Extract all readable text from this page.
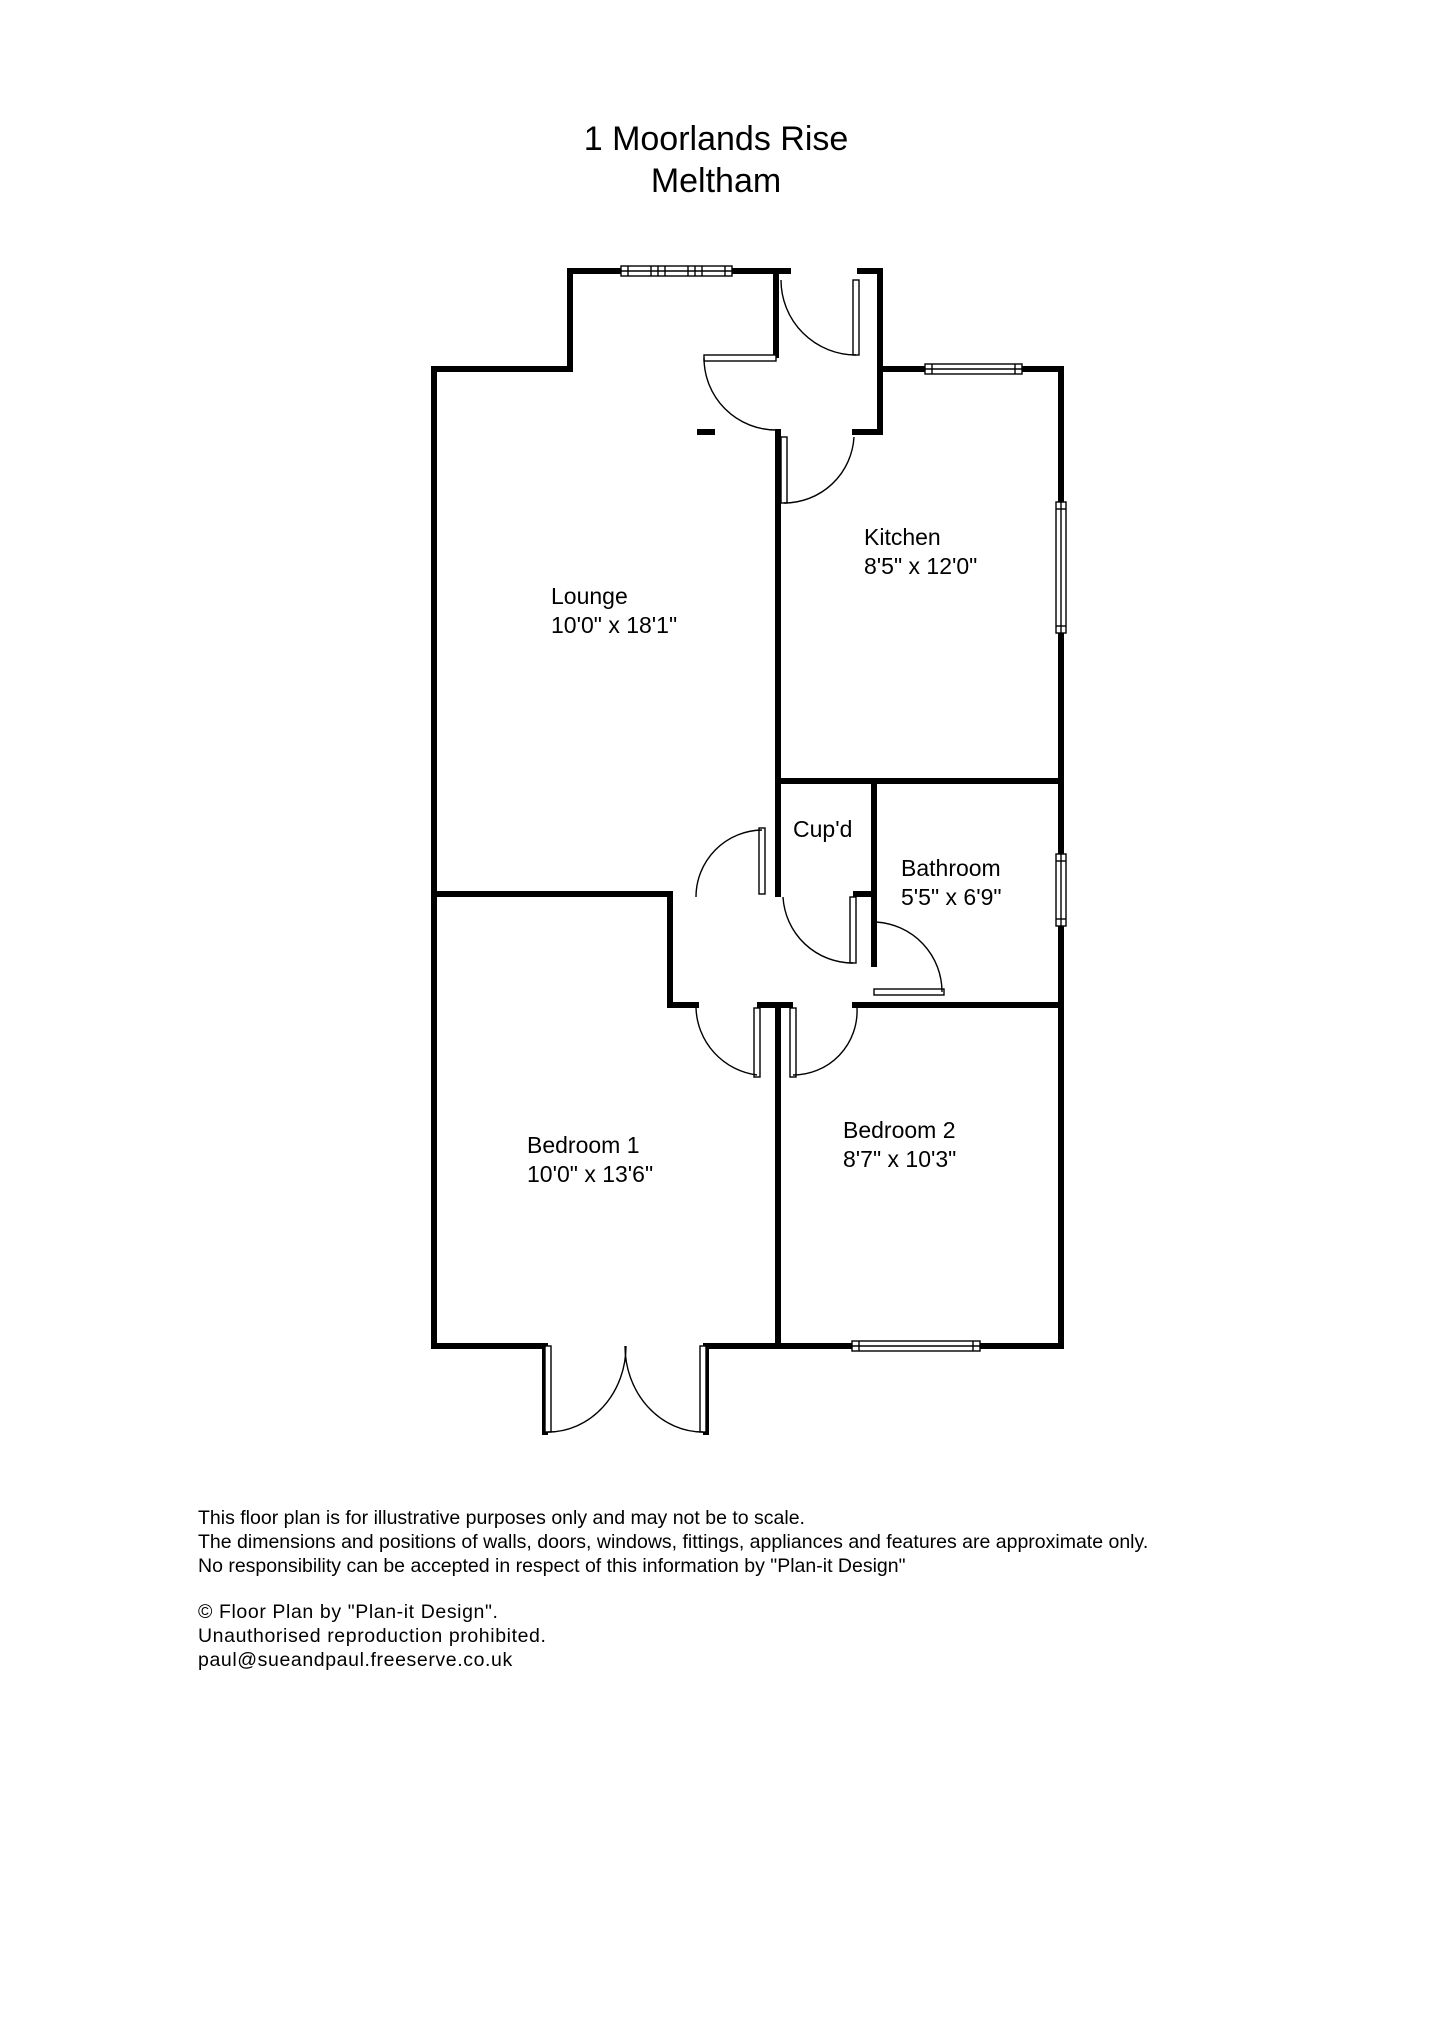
1 Moorlands Rise
Meltham
Lounge
10'0" x 18'1"
Kitchen
8'5" x 12'0"
Cup'd
Bathroom
5'5" x 6'9"
Bedroom 1
10'0" x 13'6"
Bedroom 2
8'7" x 10'3"
This floor plan is for illustrative purposes only and may not be to scale.
The dimensions and positions of walls, doors, windows, fittings, appliances and features are approximate only.
No responsibility can be accepted in respect of this information by "Plan-it Design"
© Floor Plan by "Plan-it Design".
Unauthorised reproduction prohibited.
paul@sueandpaul.freeserve.co.uk
